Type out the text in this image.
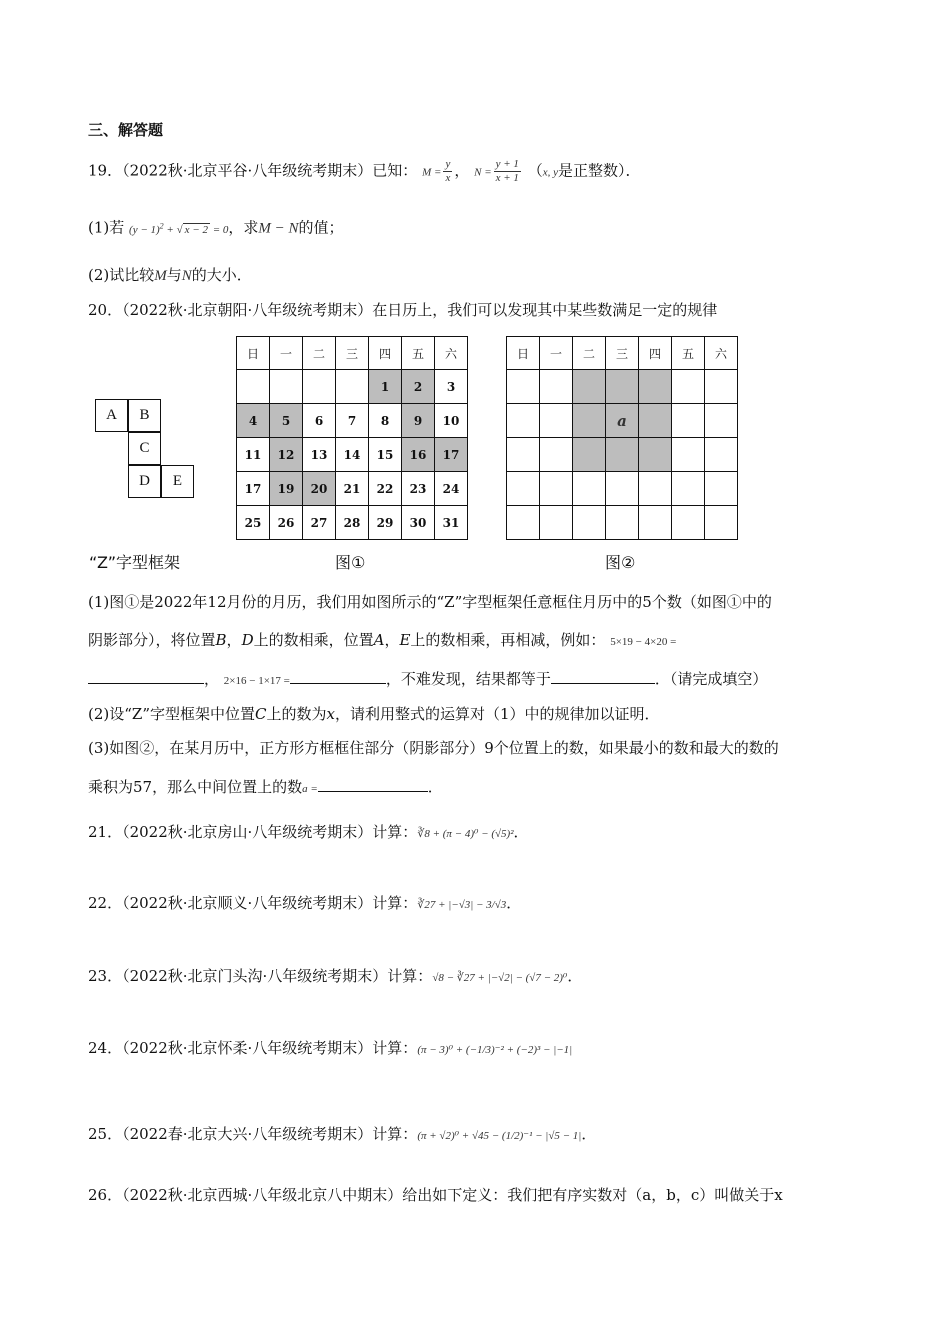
三、解答题
19．（2022秋·北京平谷·八年级统考期末）已知： $M = \frac{y}{x}$ ， $N = \frac{y + 1}{x + 1} (x$, y是正整数）．
(1)若 $(y - 1)^2$ + √ x − 2 = 0，求M − N的值；
(2)试比较M与N的大小．
20．（2022秋·北京朝阳·八年级统考期末）在日历上，我们可以发现其中某些数满足一定的规律
A	B
C
D	E
“Z”字型框架
日	一	二	三	四	五	六
				1	2	3
4	5	6	7	8	9	10
11	12	13	14	15	16	17
17	19	20	21	22	23	24
25	26	27	28	29	30	31
图①
日	一	二	三	四	五	六

			a			

图②
(1)图①是2022年12月份的月历，我们用如图所示的“Z”字型框架任意框住月历中的5个数（如图①中的
阴影部分），将位置B，D上的数相乘，位置A，E上的数相乘，再相减，例如： 5×19 − 4×20 =
， 2×16 − 1×17 =	，不难发现，结果都等于	．（请完成填空）
(2)设“Z”字型框架中位置C上的数为x，请利用整式的运算对（1）中的规律加以证明．
(3)如图②，在某月历中，正方形方框框住部分（阴影部分）9个位置上的数，如果最小的数和最大的数的
乘积为57，那么中间位置上的数a =	．
21．（2022秋·北京房山·八年级统考期末）计算：∛8 + (π − 4)⁰ − (√5)²．
22．（2022秋·北京顺义·八年级统考期末）计算：∛27 + |−√3| − 3/√3．
23．（2022秋·北京门头沟·八年级统考期末）计算：√8 − ∛27 + |−√2| − (√7 − 2)⁰．
24．（2022秋·北京怀柔·八年级统考期末）计算：(π − 3)⁰ + (−1/3)⁻² + (−2)³ − |−1|
25．（2022春·北京大兴·八年级统考期末）计算：(π + √2)⁰ + √45 − (1/2)⁻¹ − |√5 − 1|．
26．（2022秋·北京西城·八年级北京八中期末）给出如下定义：我们把有序实数对（a，b，c）叫做关于x
